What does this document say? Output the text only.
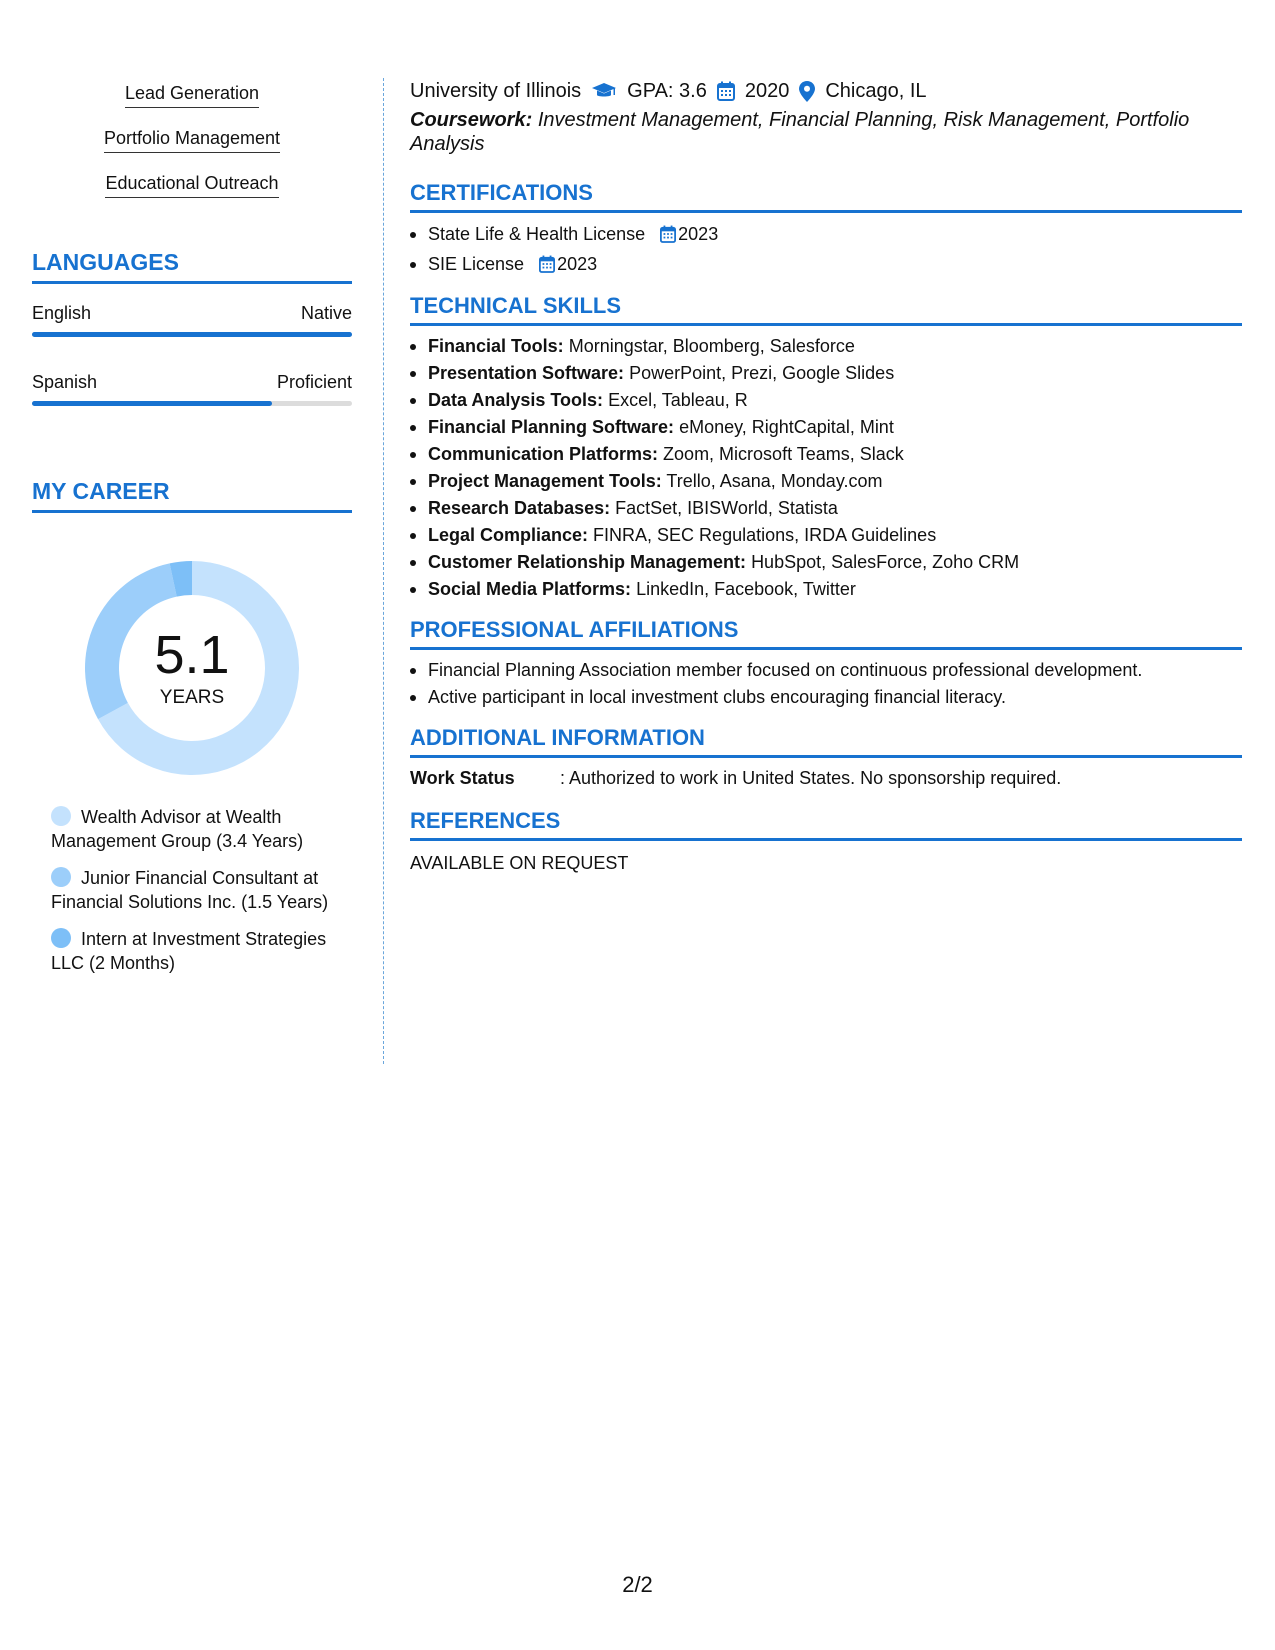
Lead Generation
Portfolio Management
Educational Outreach
LANGUAGES
English	Native
Spanish	Proficient
MY CAREER
5.1
YEARS
Wealth Advisor at Wealth Management Group (3.4 Years)
Junior Financial Consultant at Financial Solutions Inc. (1.5 Years)
Intern at Investment Strategies LLC (2 Months)
University of Illinois GPA: 3.6 2020 Chicago, IL
Coursework: Investment Management, Financial Planning, Risk Management, Portfolio Analysis
CERTIFICATIONS
State Life & Health License 2023
SIE License 2023
TECHNICAL SKILLS
Financial Tools: Morningstar, Bloomberg, Salesforce
Presentation Software: PowerPoint, Prezi, Google Slides
Data Analysis Tools: Excel, Tableau, R
Financial Planning Software: eMoney, RightCapital, Mint
Communication Platforms: Zoom, Microsoft Teams, Slack
Project Management Tools: Trello, Asana, Monday.com
Research Databases: FactSet, IBISWorld, Statista
Legal Compliance: FINRA, SEC Regulations, IRDA Guidelines
Customer Relationship Management: HubSpot, SalesForce, Zoho CRM
Social Media Platforms: LinkedIn, Facebook, Twitter
PROFESSIONAL AFFILIATIONS
Financial Planning Association member focused on continuous professional development.
Active participant in local investment clubs encouraging financial literacy.
ADDITIONAL INFORMATION
Work Status	: Authorized to work in United States. No sponsorship required.
REFERENCES
AVAILABLE ON REQUEST
2/2
